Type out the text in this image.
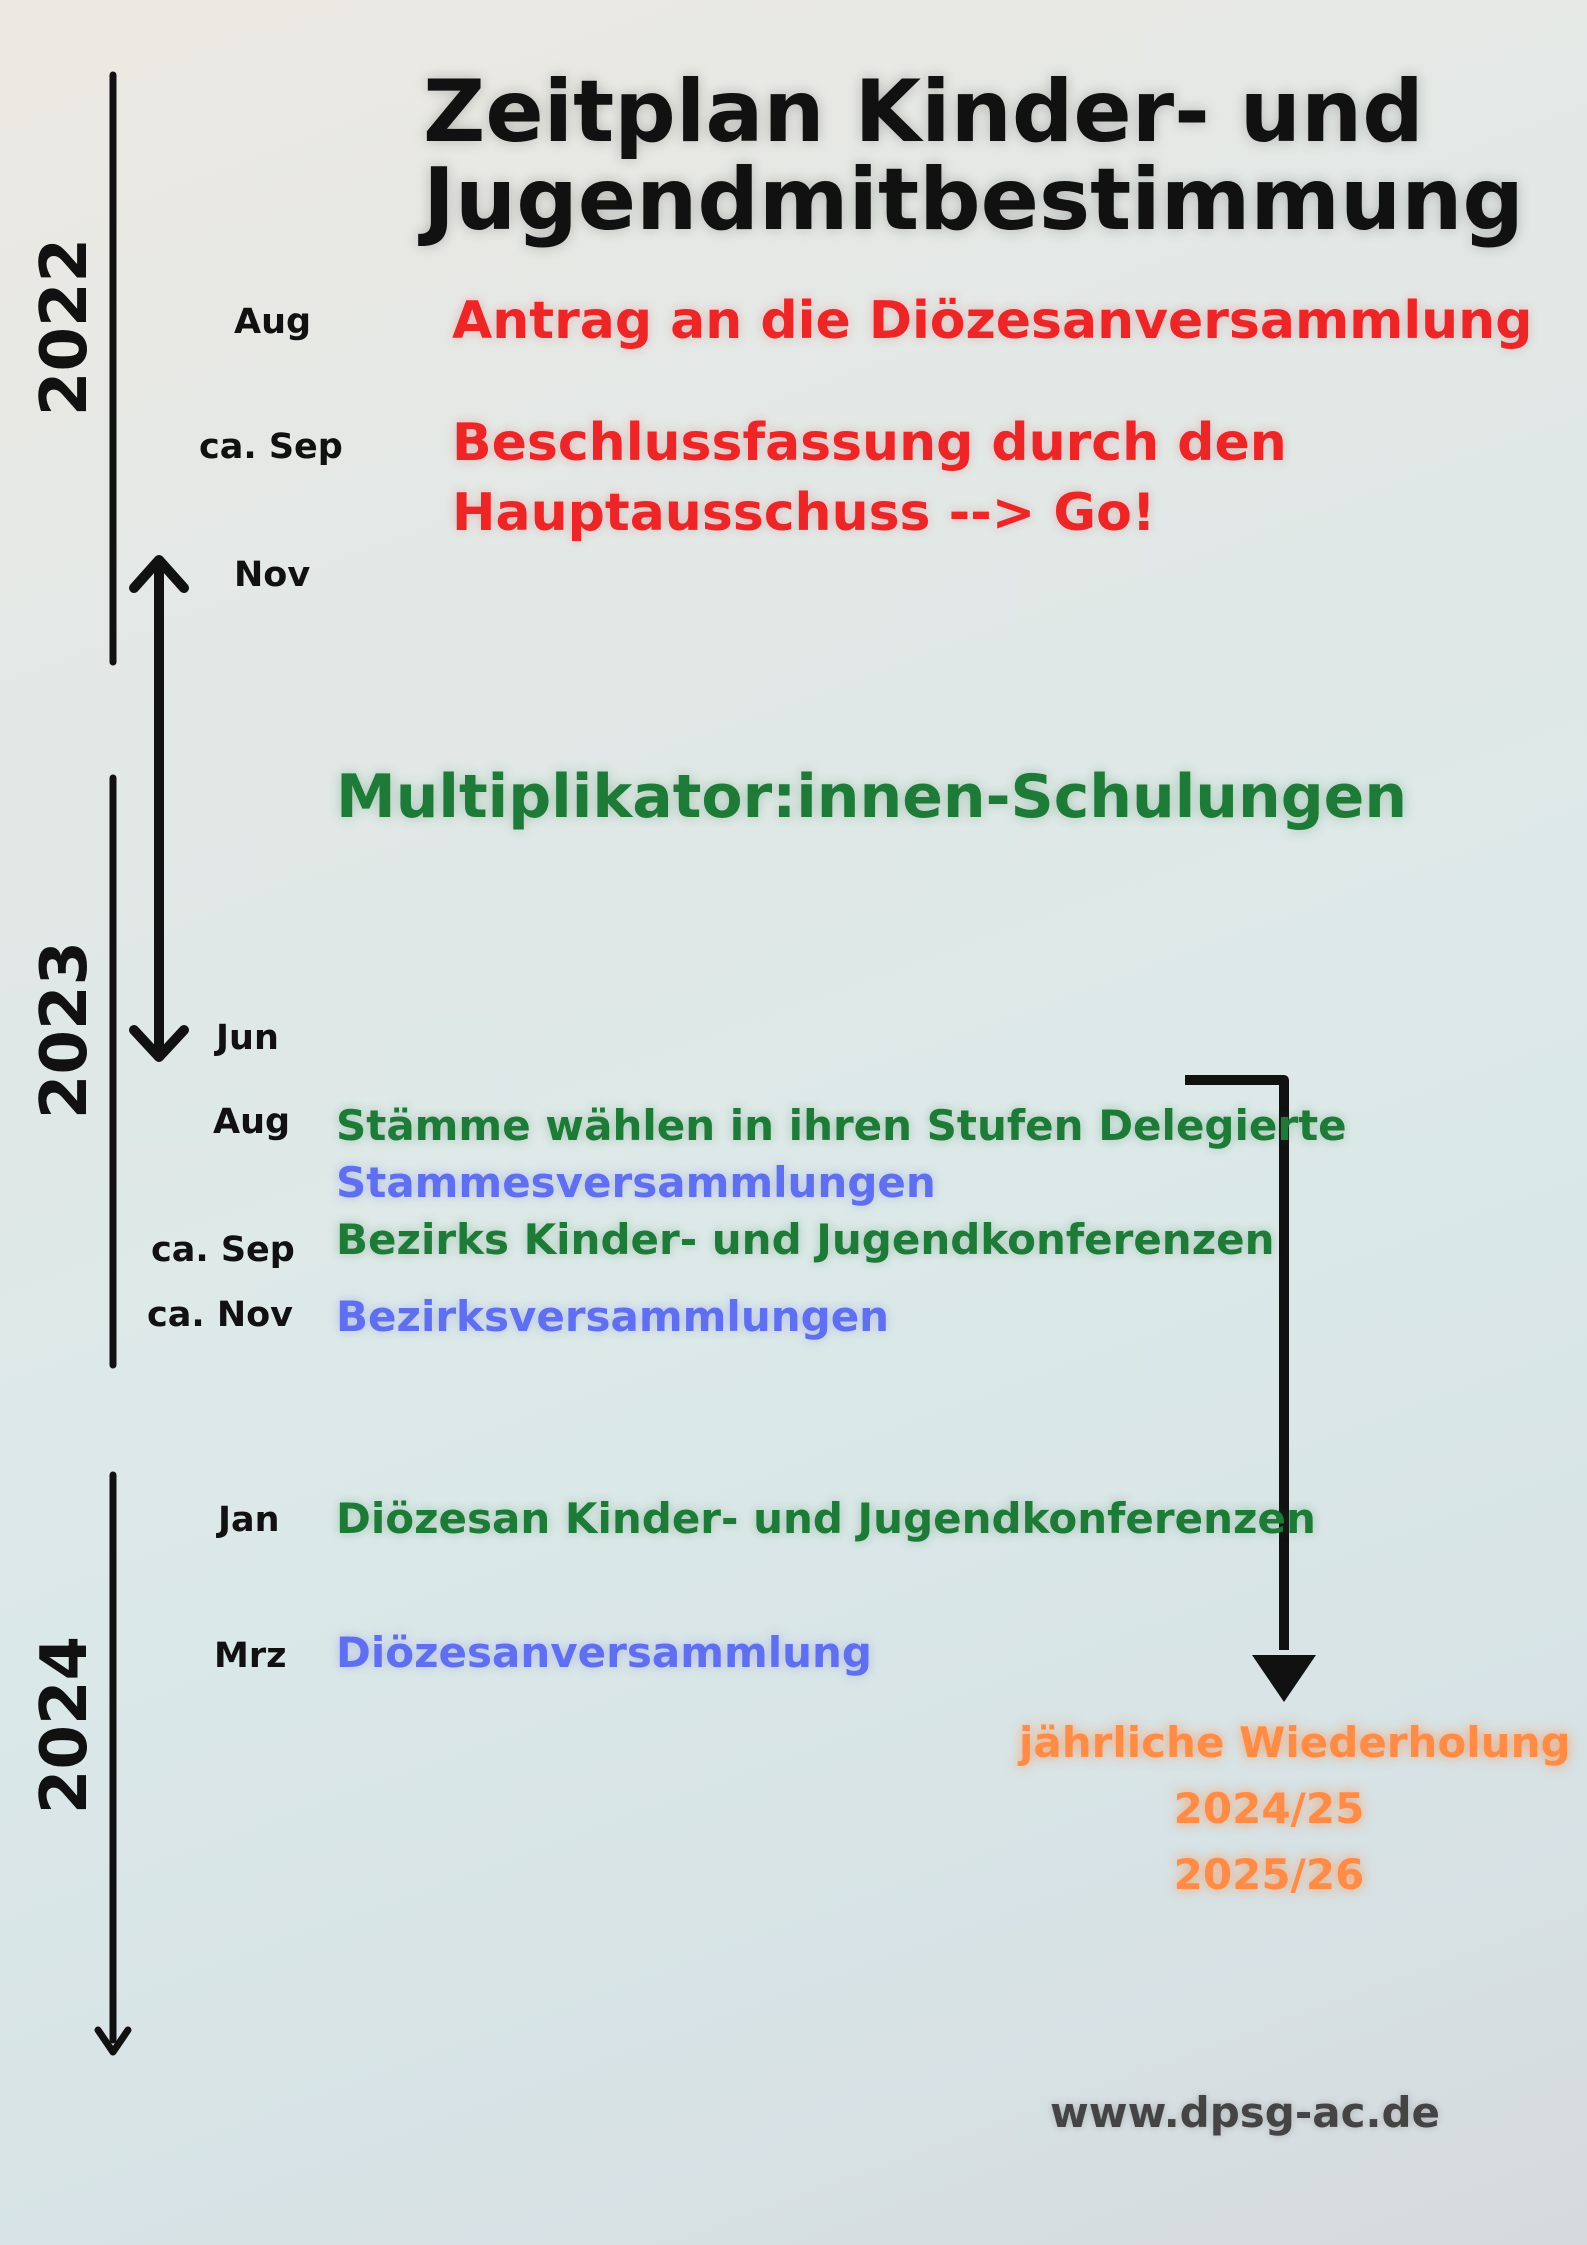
Zeitplan Kinder- und
Jugendmitbestimmung
2022
2023
2024
Aug
ca. Sep
Nov
Jun
Aug
ca. Sep
ca. Nov
Jan
Mrz
Antrag an die Diözesanversammlung
Beschlussfassung durch den
Hauptausschuss --> Go!
Multiplikator:innen-Schulungen
Stämme wählen in ihren Stufen Delegierte
Stammesversammlungen
Bezirks Kinder- und Jugendkonferenzen
Bezirksversammlungen
Diözesan Kinder- und Jugendkonferenzen
Diözesanversammlung
jährliche Wiederholung
2024/25
2025/26
www.dpsg-ac.de
